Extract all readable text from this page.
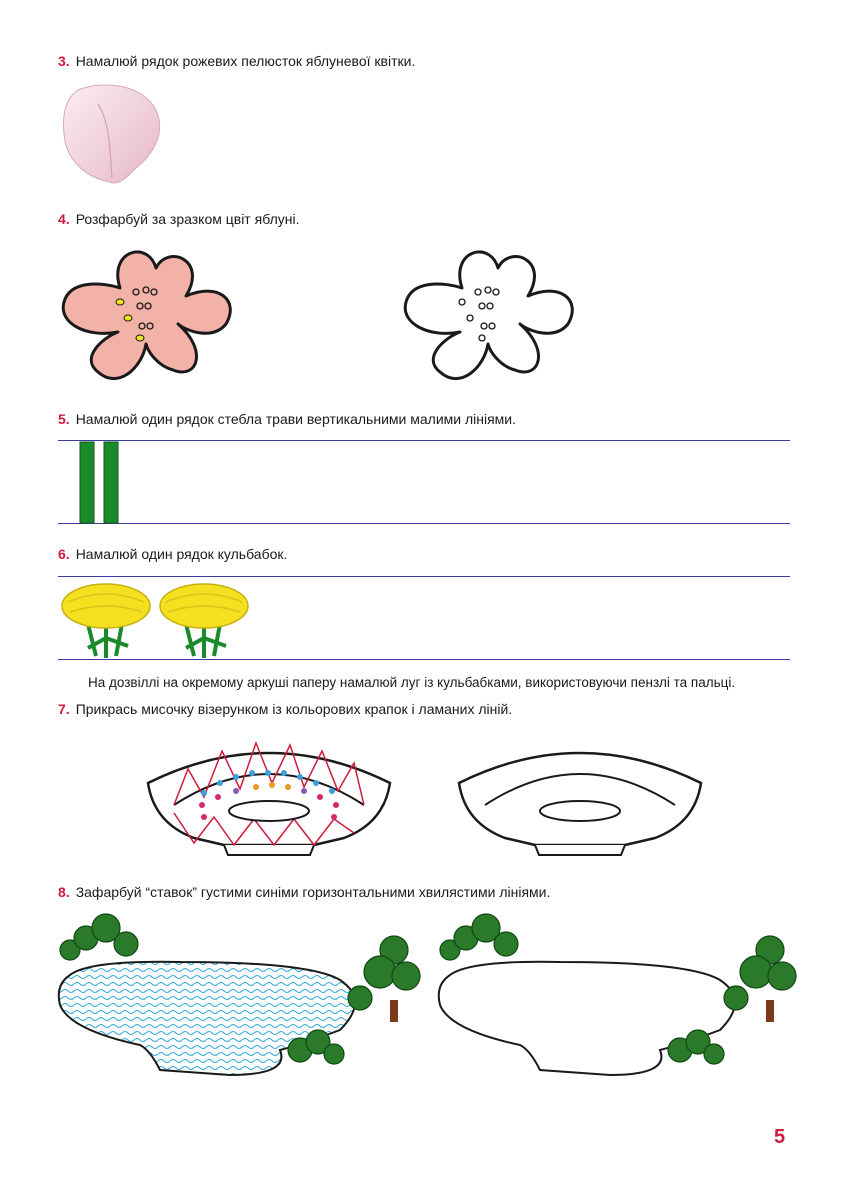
3. Намалюй рядок рожевих пелюсток яблуневої квітки.
4. Розфарбуй за зразком цвіт яблуні.
5. Намалюй один рядок стебла трави вертикальними малими лініями.
6. Намалюй один рядок кульбабок.
На дозвіллі на окремому аркуші паперу намалюй луг із кульбабками, використовуючи пензлі та пальці.
7. Прикрась мисочку візерунком із кольорових крапок і ламаних ліній.
8. Зафарбуй “ставок” густими синіми горизонтальними хвилястими лініями.
5
